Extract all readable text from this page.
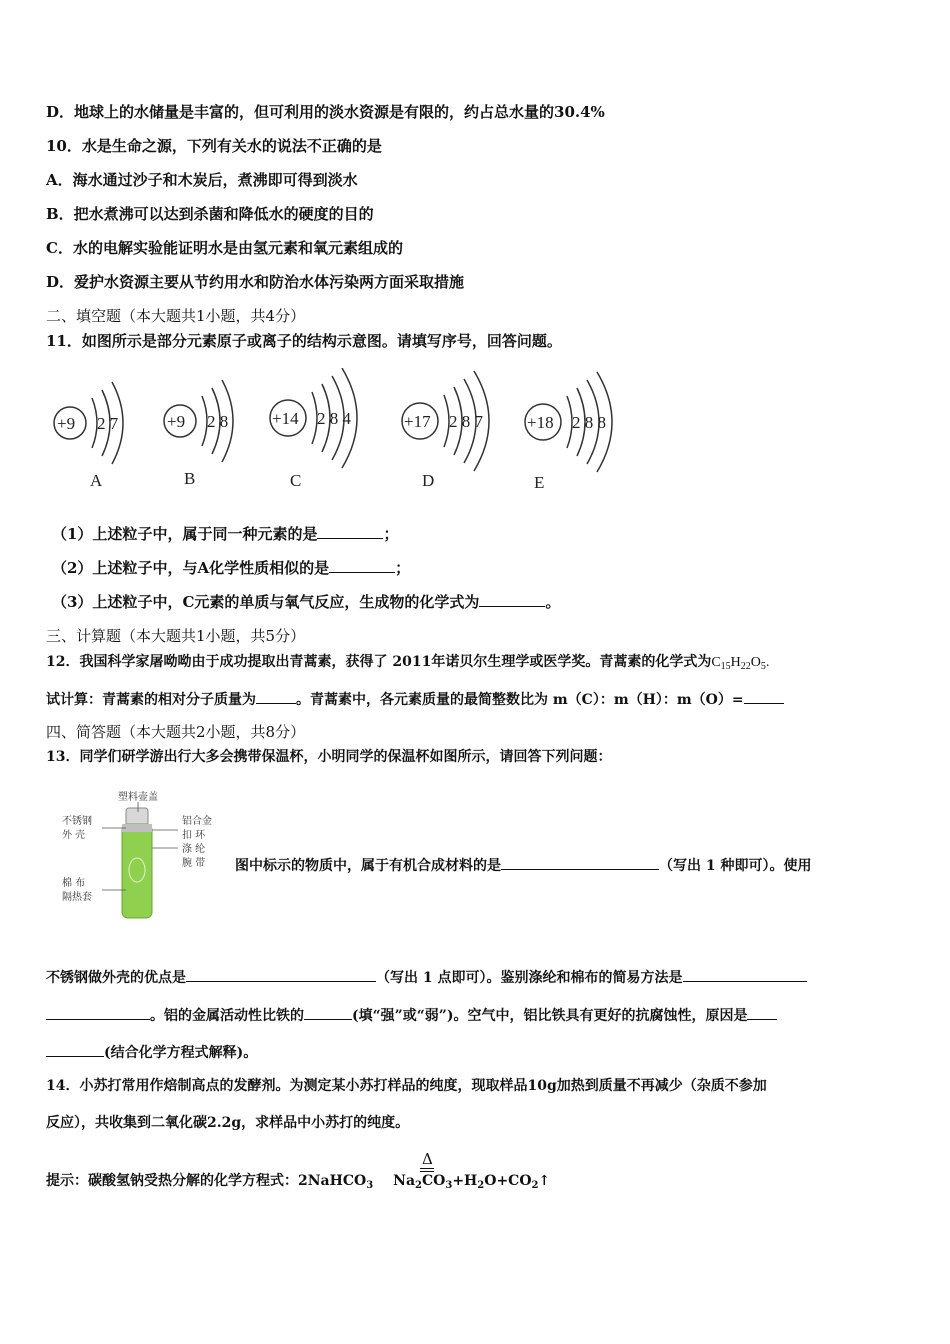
D．地球上的水储量是丰富的，但可利用的淡水资源是有限的，约占总水量的30.4%
10．水是生命之源，下列有关水的说法不正确的是
A．海水通过沙子和木炭后，煮沸即可得到淡水
B．把水煮沸可以达到杀菌和降低水的硬度的目的
C．水的电解实验能证明水是由氢元素和氧元素组成的
D．爱护水资源主要从节约用水和防治水体污染两方面采取措施
二、填空题（本大题共1小题，共4分）
11．如图所示是部分元素原子或离子的结构示意图。请填写序号，回答问题。
+9 2 7
A
+9 2 8
B
+14 2 8 4
C
+17 2 8 7
D
+18 2 8 8
E
（1）上述粒子中，属于同一种元素的是	；
（2）上述粒子中，与A化学性质相似的是	；
（3）上述粒子中，C元素的单质与氧气反应，生成物的化学式为	。
三、计算题（本大题共1小题，共5分）
12．我国科学家屠呦呦由于成功提取出青蒿素，获得了 2011年诺贝尔生理学或医学奖。青蒿素的化学式为$C_{15}H_{22}O_5$.
试计算：青蒿素的相对分子质量为	。青蒿素中，各元素质量的最简整数比为 m（C）：m（H）：m（O）=
四、简答题（本大题共2小题，共8分）
13．同学们研学游出行大多会携带保温杯，小明同学的保温杯如图所示，请回答下列问题：
塑料壶盖
不锈钢
外 壳
铝合金
扣 环
涤 纶
腕 带
棉 布
隔热套
图中标示的物质中，属于有机合成材料的是	（写出 1 种即可）。使用
不锈钢做外壳的优点是	（写出 1 点即可）。鉴别涤纶和棉布的简易方法是
。铝的金属活动性比铁的	(填“强”或“弱”)。空气中，铝比铁具有更好的抗腐蚀性，原因是
(结合化学方程式解释)。
14．小苏打常用作焙制高点的发酵剂。为测定某小苏打样品的纯度，现取样品10g加热到质量不再减少（杂质不参加
反应），共收集到二氧化碳2.2g，求样品中小苏打的纯度。
Δ
提示：碳酸氢钠受热分解的化学方程式：2NaHCO$_3$ $Na_2CO_3+H_2O+CO_2↑$
